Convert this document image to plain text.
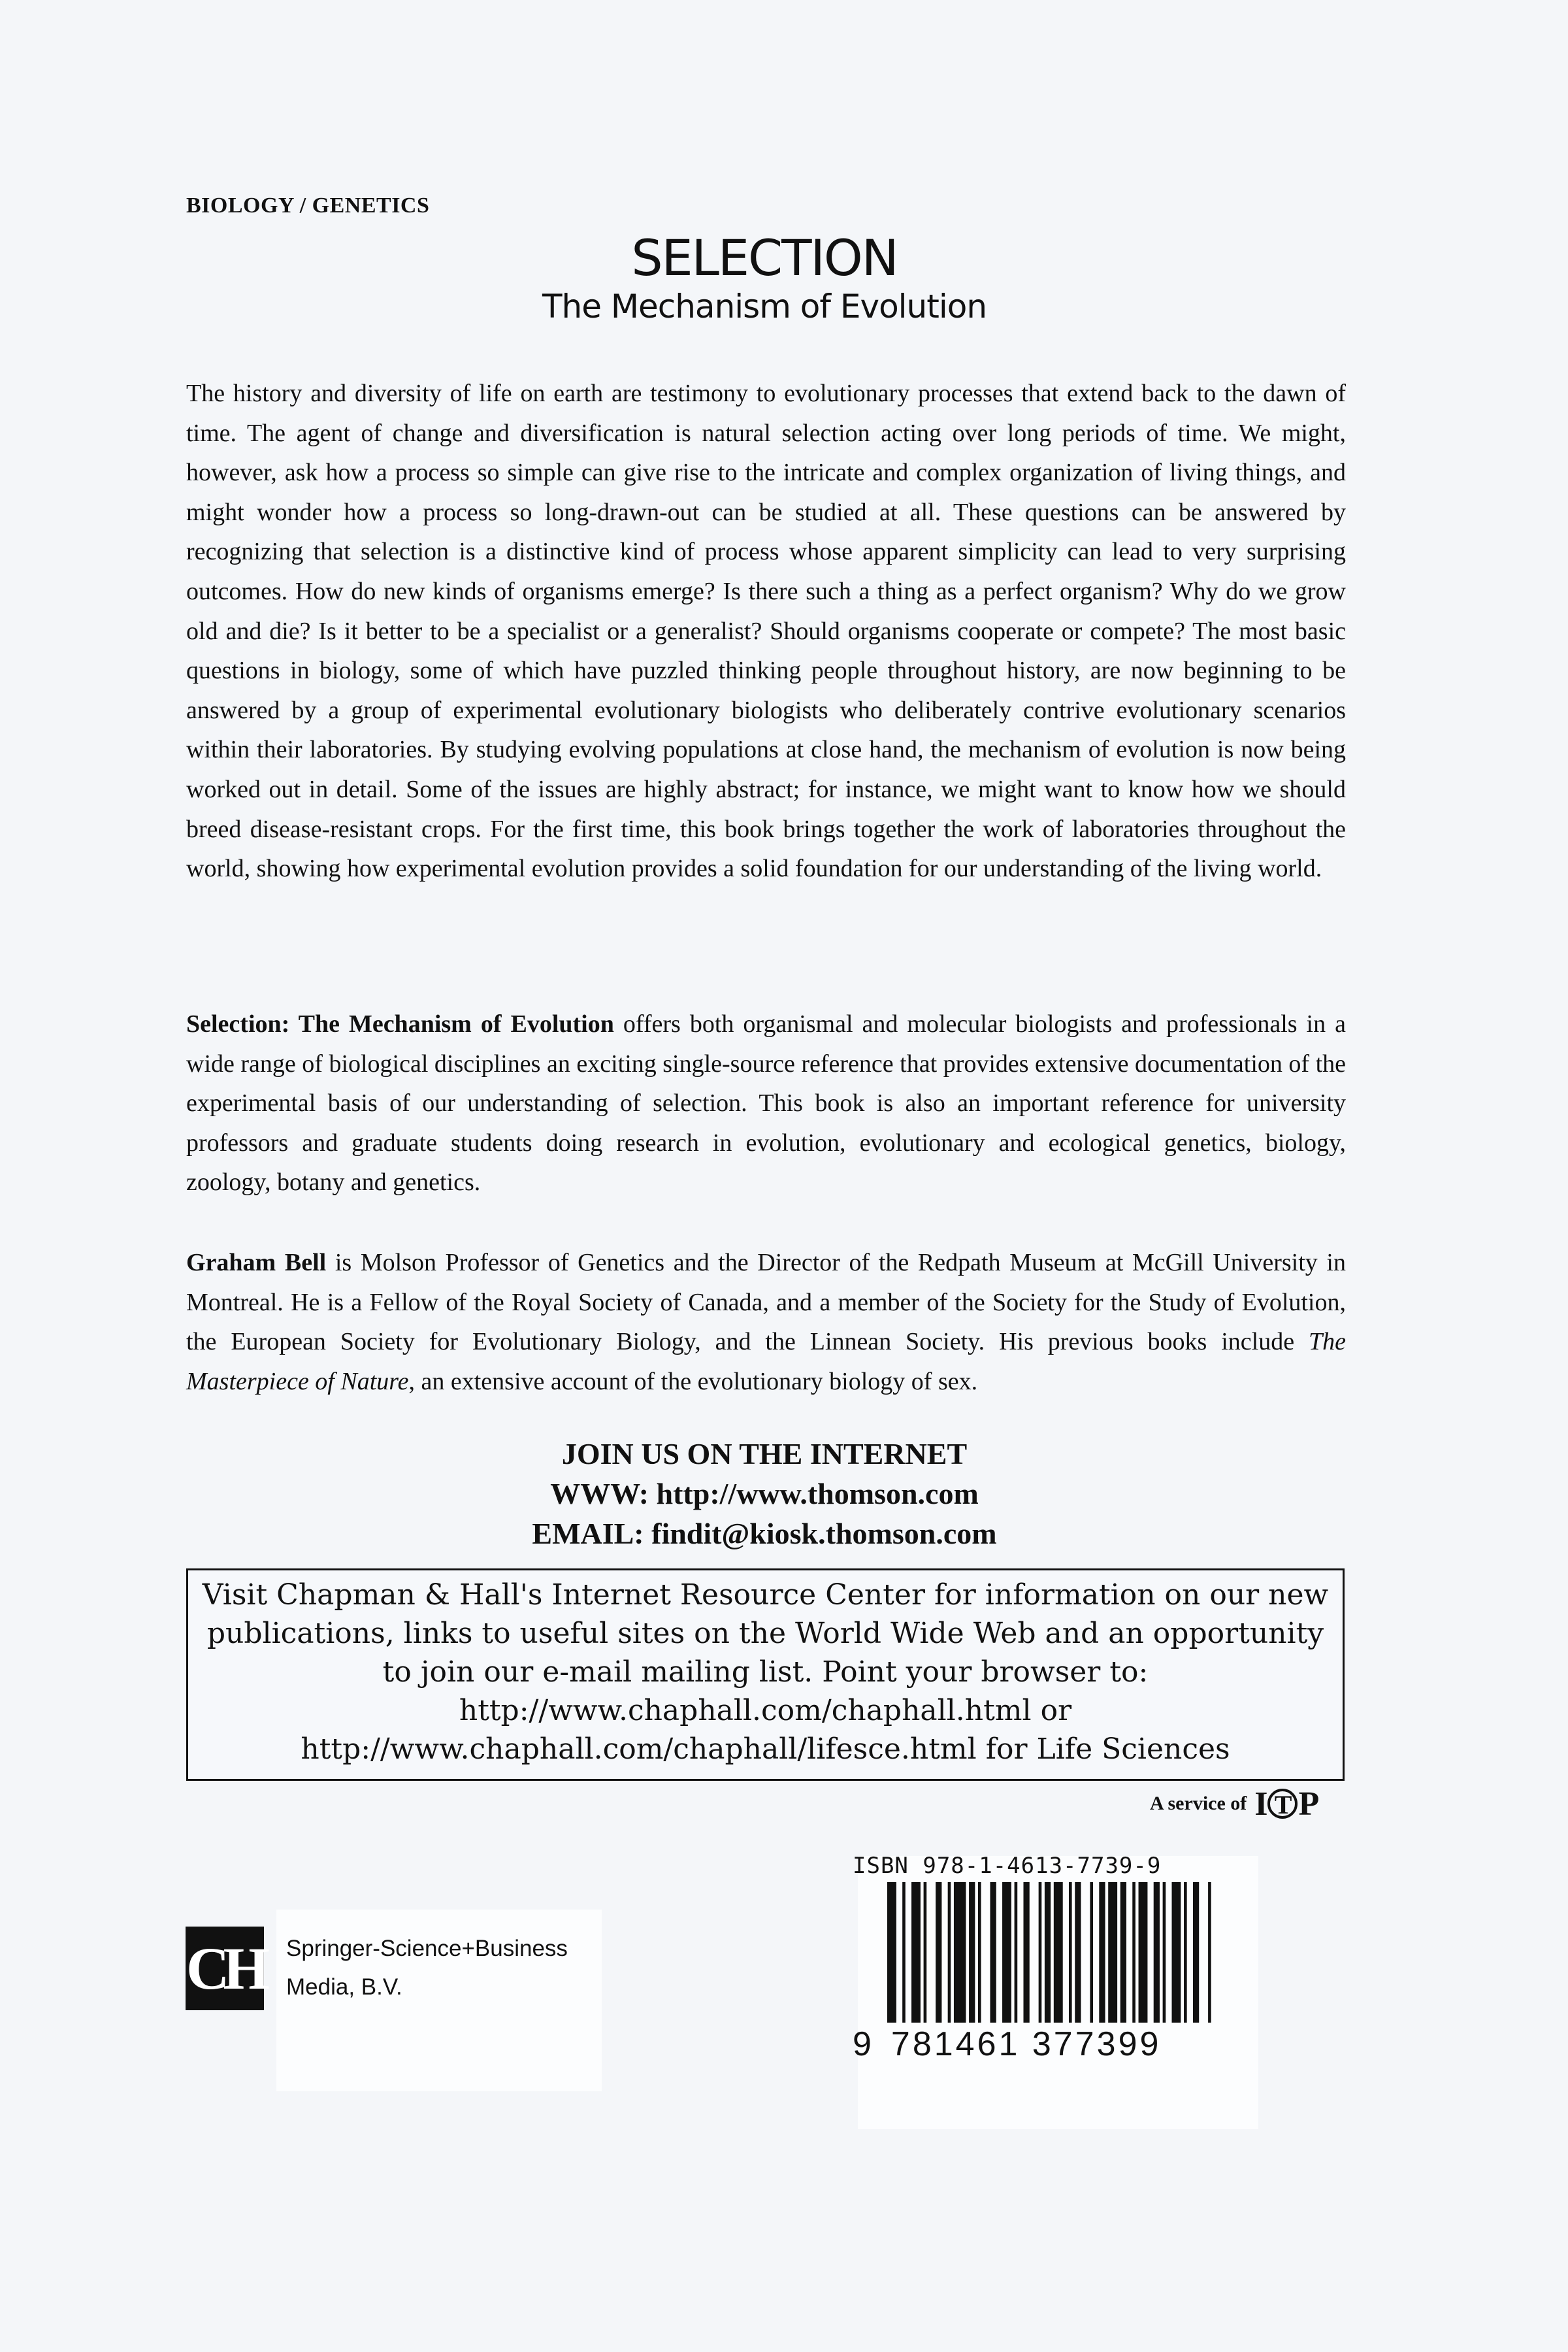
BIOLOGY / GENETICS
SELECTION
The Mechanism of Evolution

The history and diversity of life on earth are testimony to evolutionary processes that extend back to the dawn of time. The agent of change and diversification is natural selection acting over long periods of time. We might, however, ask how a process so simple can give rise to the intricate and complex organization of living things, and might wonder how a process so long-drawn-out can be studied at all. These questions can be answered by recognizing that selection is a distinctive kind of process whose apparent simplicity can lead to very surprising outcomes. How do new kinds of organisms emerge? Is there such a thing as a perfect organism? Why do we grow old and die? Is it better to be a specialist or a generalist? Should organisms cooperate or compete? The most basic questions in biology, some of which have puzzled thinking people throughout history, are now beginning to be answered by a group of experimental evolutionary biologists who deliberately contrive evolutionary scenarios within their laboratories. By studying evolving populations at close hand, the mechanism of evolution is now being worked out in detail. Some of the issues are highly abstract; for instance, we might want to know how we should breed disease-resistant crops. For the first time, this book brings together the work of laboratories throughout the world, showing how experimental evolution provides a solid foundation for our understanding of the living world.

Selection: The Mechanism of Evolution offers both organismal and molecular biologists and professionals in a wide range of biological disciplines an exciting single-source reference that provides extensive documentation of the experimental basis of our understanding of selection. This book is also an important reference for university professors and graduate students doing research in evolution, evolutionary and ecological genetics, biology, zoology, botany and genetics.

Graham Bell is Molson Professor of Genetics and the Director of the Redpath Museum at McGill University in Montreal. He is a Fellow of the Royal Society of Canada, and a member of the Society for the Study of Evolution, the European Society for Evolutionary Biology, and the Linnean Society. His previous books include The Masterpiece of Nature, an extensive account of the evolutionary biology of sex.

JOIN US ON THE INTERNET
WWW: http://www.thomson.com
EMAIL: findit@kiosk.thomson.com
Visit Chapman & Hall's Internet Resource Center for information on our new
publications, links to useful sites on the World Wide Web and an opportunity
to join our e-mail mailing list. Point your browser to:
http://www.chaphall.com/chaphall.html or
http://www.chaphall.com/chaphall/lifesce.html for Life Sciences
A service of I T P
CH Springer-Science+Business
Media, B.V.
ISBN 978-1-4613-7739-9
9 781461 377399
